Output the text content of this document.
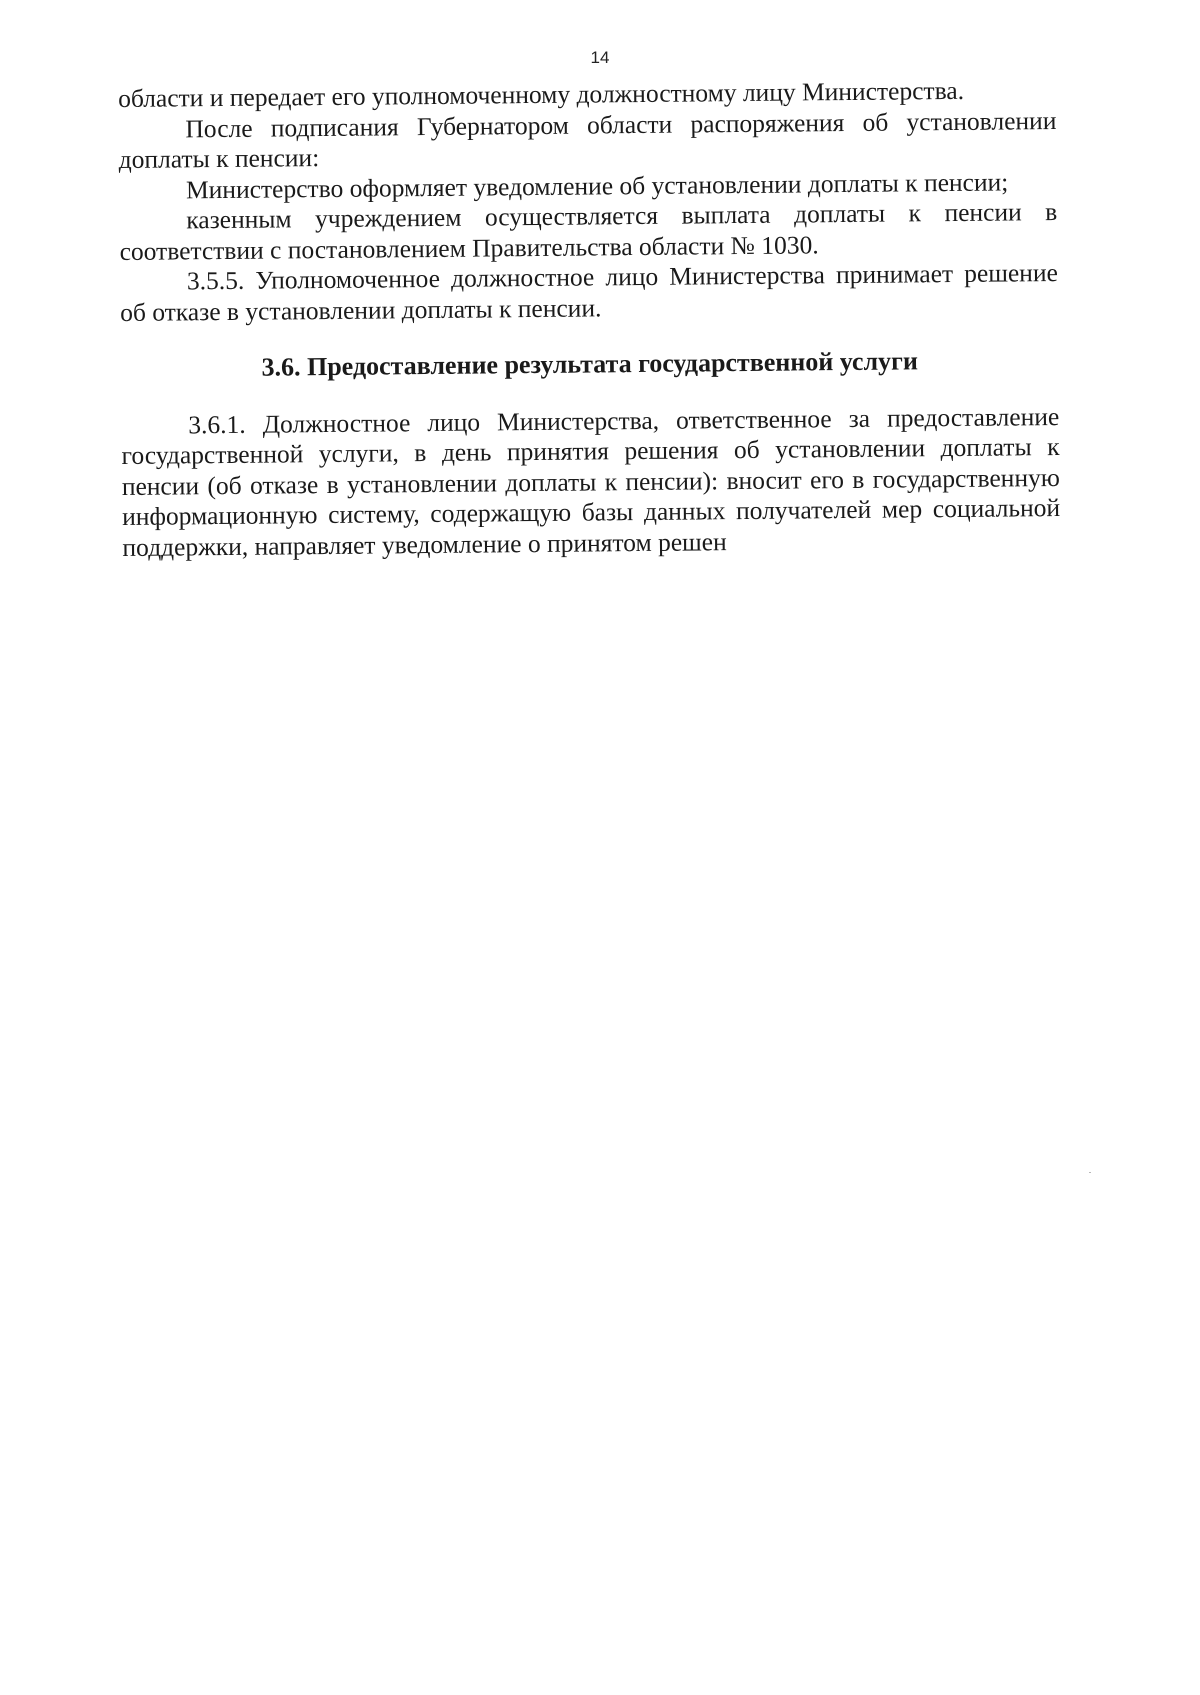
14
области и передает его уполномоченному должностному лицу Министерства.
После подписания Губернатором области распоряжения об установлении
доплаты к пенсии:
Министерство оформляет уведомление об установлении доплаты к пенсии;
казенным учреждением осуществляется выплата доплаты к пенсии в
соответствии с постановлением Правительства области № 1030.
3.5.5. Уполномоченное должностное лицо Министерства принимает решение
об отказе в установлении доплаты к пенсии.
3.6. Предоставление результата государственной услуги
3.6.1. Должностное лицо Министерства, ответственное за предоставление
государственной услуги, в день принятия решения об установлении доплаты к
пенсии (об отказе в установлении доплаты к пенсии): вносит его в государственную
информационную систему, содержащую базы данных получателей мер социальной
поддержки, направляет уведомление о принятом решен
